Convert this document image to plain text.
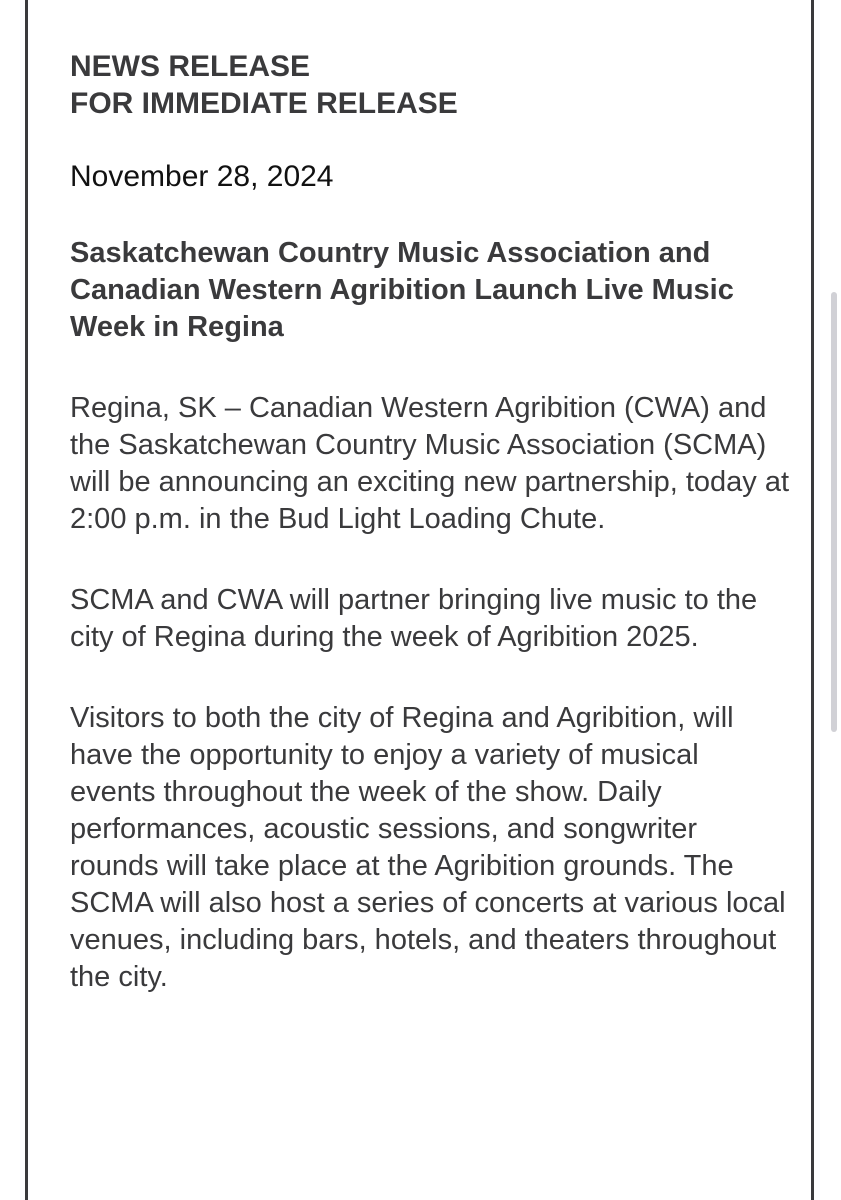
NEWS RELEASE
FOR IMMEDIATE RELEASE
November 28, 2024
Saskatchewan Country Music Association and Canadian Western Agribition Launch Live Music Week in Regina

Regina, SK – Canadian Western Agribition (CWA) and the Saskatchewan Country Music Association (SCMA) will be announcing an exciting new partnership, today at 2:00 p.m. in the Bud Light Loading Chute.

SCMA and CWA will partner bringing live music to the city of Regina during the week of Agribition 2025.

Visitors to both the city of Regina and Agribition, will have the opportunity to enjoy a variety of musical events throughout the week of the show. Daily performances, acoustic sessions, and songwriter rounds will take place at the Agribition grounds. The SCMA will also host a series of concerts at various local venues, including bars, hotels, and theaters throughout the city.
